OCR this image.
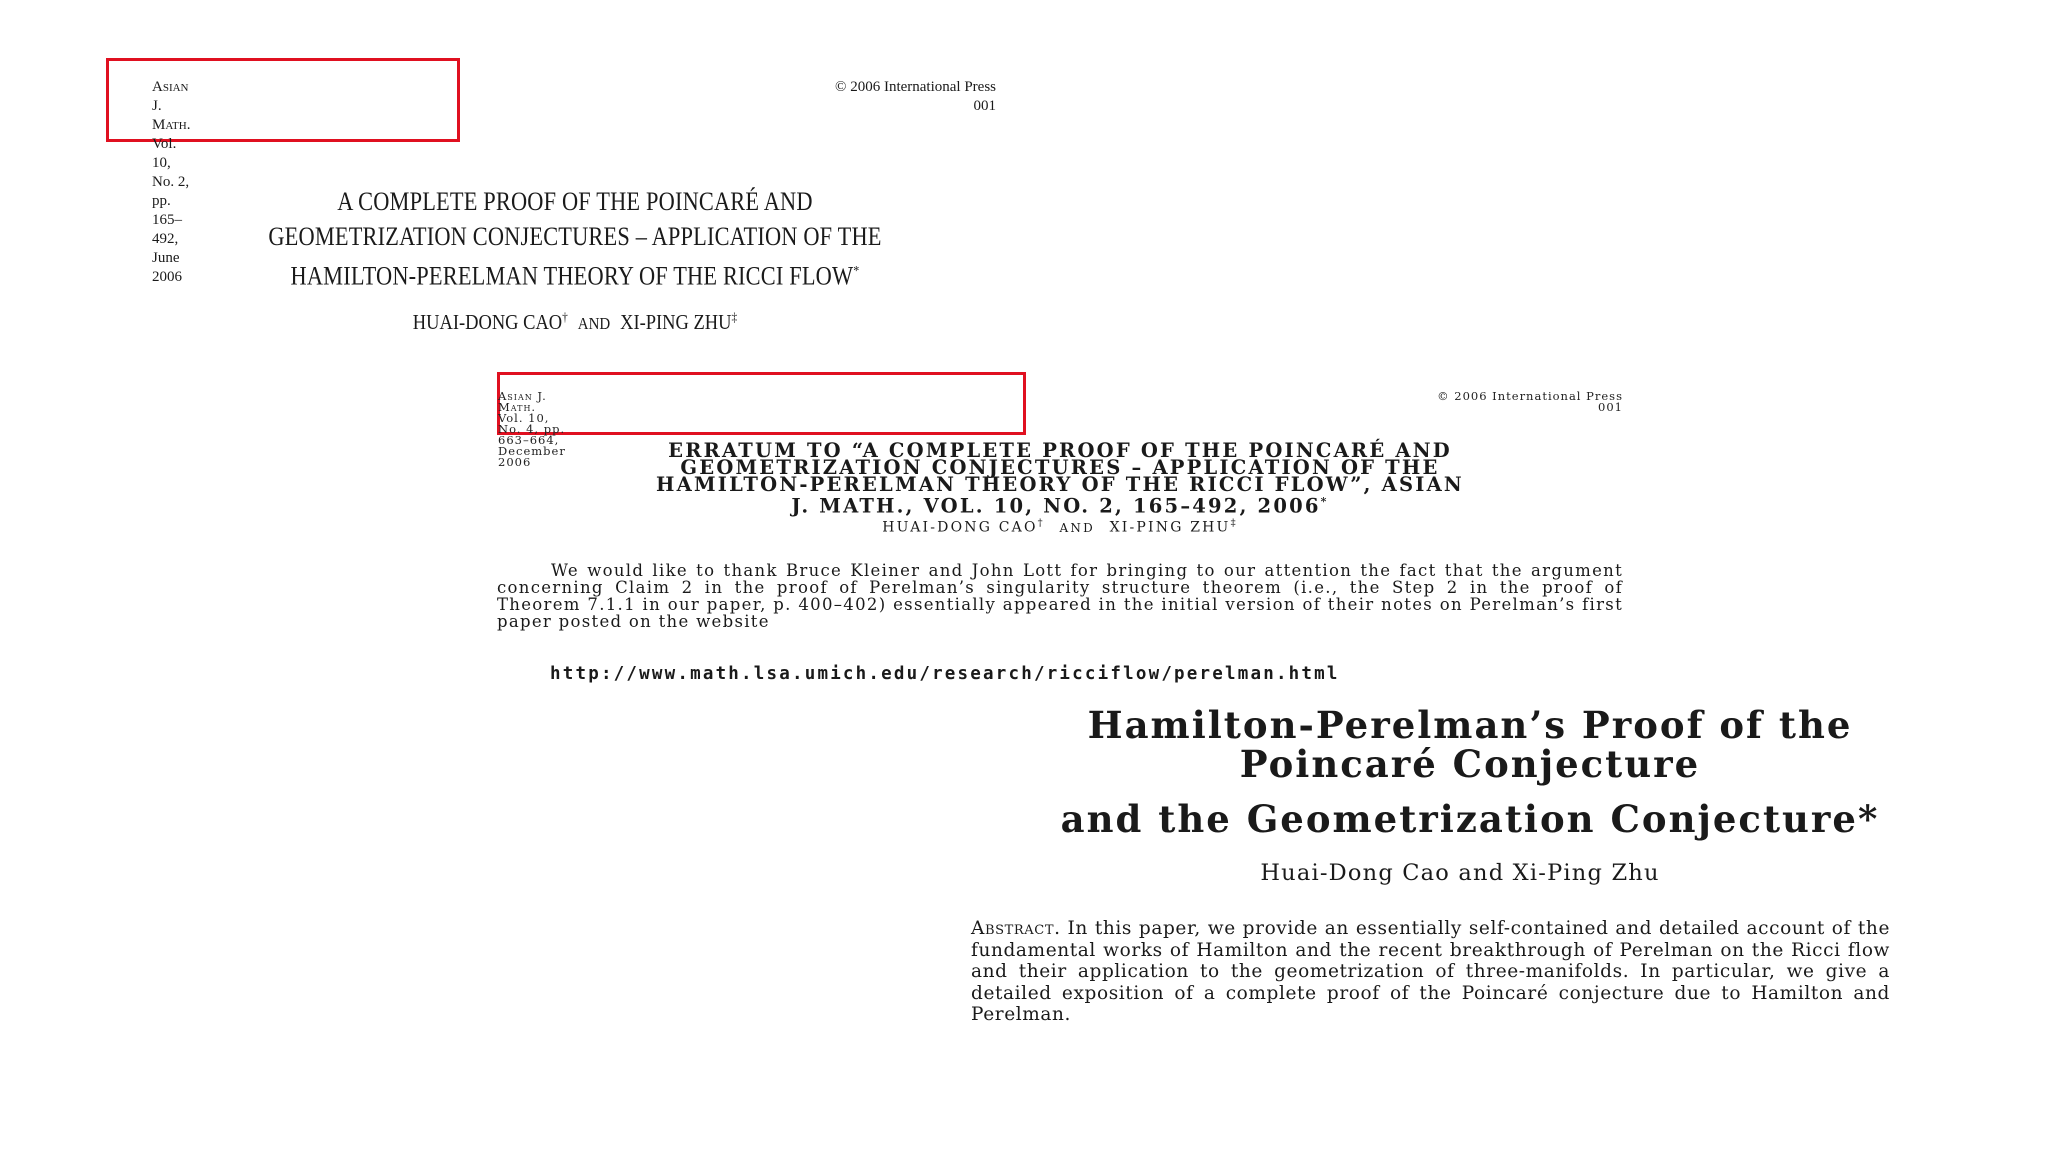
Asian J. Math.
Vol. 10, No. 2, pp. 165–492, June 2006
© 2006 International Press
001
A COMPLETE PROOF OF THE POINCARÉ AND
GEOMETRIZATION CONJECTURES – APPLICATION OF THE
HAMILTON-PERELMAN THEORY OF THE RICCI FLOW*
HUAI-DONG CAO† AND XI-PING ZHU‡
Asian J. Math.
Vol. 10, No. 4, pp. 663–664, December 2006
© 2006 International Press
001
ERRATUM TO “A COMPLETE PROOF OF THE POINCARÉ AND
GEOMETRIZATION CONJECTURES – APPLICATION OF THE
HAMILTON-PERELMAN THEORY OF THE RICCI FLOW”, ASIAN
J. MATH., VOL. 10, NO. 2, 165–492, 2006*
HUAI-DONG CAO† AND XI-PING ZHU‡
We would like to thank Bruce Kleiner and John Lott for bringing to our attention the fact that the argument concerning Claim 2 in the proof of Perelman’s singularity structure theorem (i.e., the Step 2 in the proof of Theorem 7.1.1 in our paper, p. 400–402) essentially appeared in the initial version of their notes on Perelman’s first paper posted on the website
http://www.math.lsa.umich.edu/research/ricciflow/perelman.html
Hamilton-Perelman’s Proof of the
Poincaré Conjecture
and the Geometrization Conjecture*
Huai-Dong Cao and Xi-Ping Zhu
Abstract. In this paper, we provide an essentially self-contained and detailed account of the fundamental works of Hamilton and the recent breakthrough of Perelman on the Ricci flow and their application to the geometrization of three-manifolds. In particular, we give a detailed exposition of a complete proof of the Poincaré conjecture due to Hamilton and Perelman.
